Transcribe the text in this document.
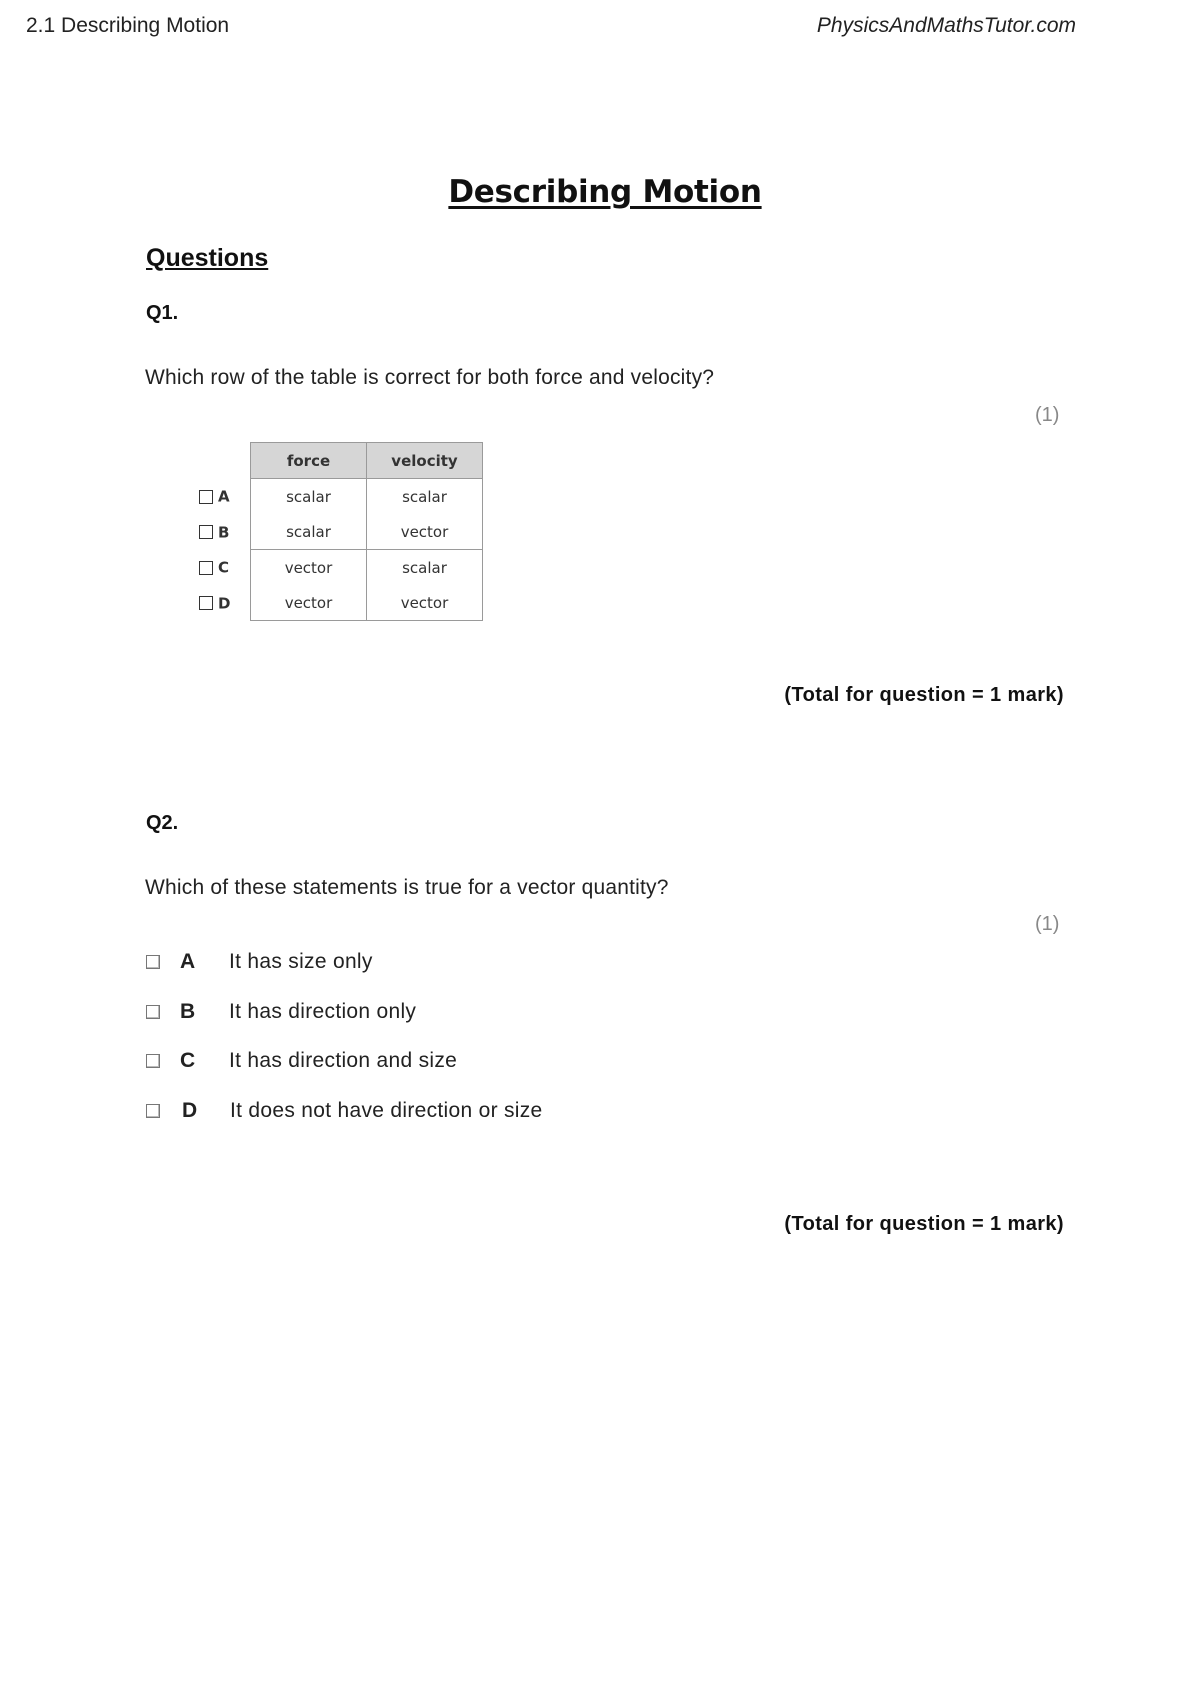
2.1 Describing Motion	PhysicsAndMathsTutor.com
Describing Motion
Questions
Q1.
Which row of the table is correct for both force and velocity?
(1)
	force	velocity
A	scalar	scalar
B	scalar	vector
C	vector	scalar
D	vector	vector
(Total for question = 1 mark)
Q2.
Which of these statements is true for a vector quantity?
(1)
A It has size only
B It has direction only
C It has direction and size
D It does not have direction or size
(Total for question = 1 mark)
